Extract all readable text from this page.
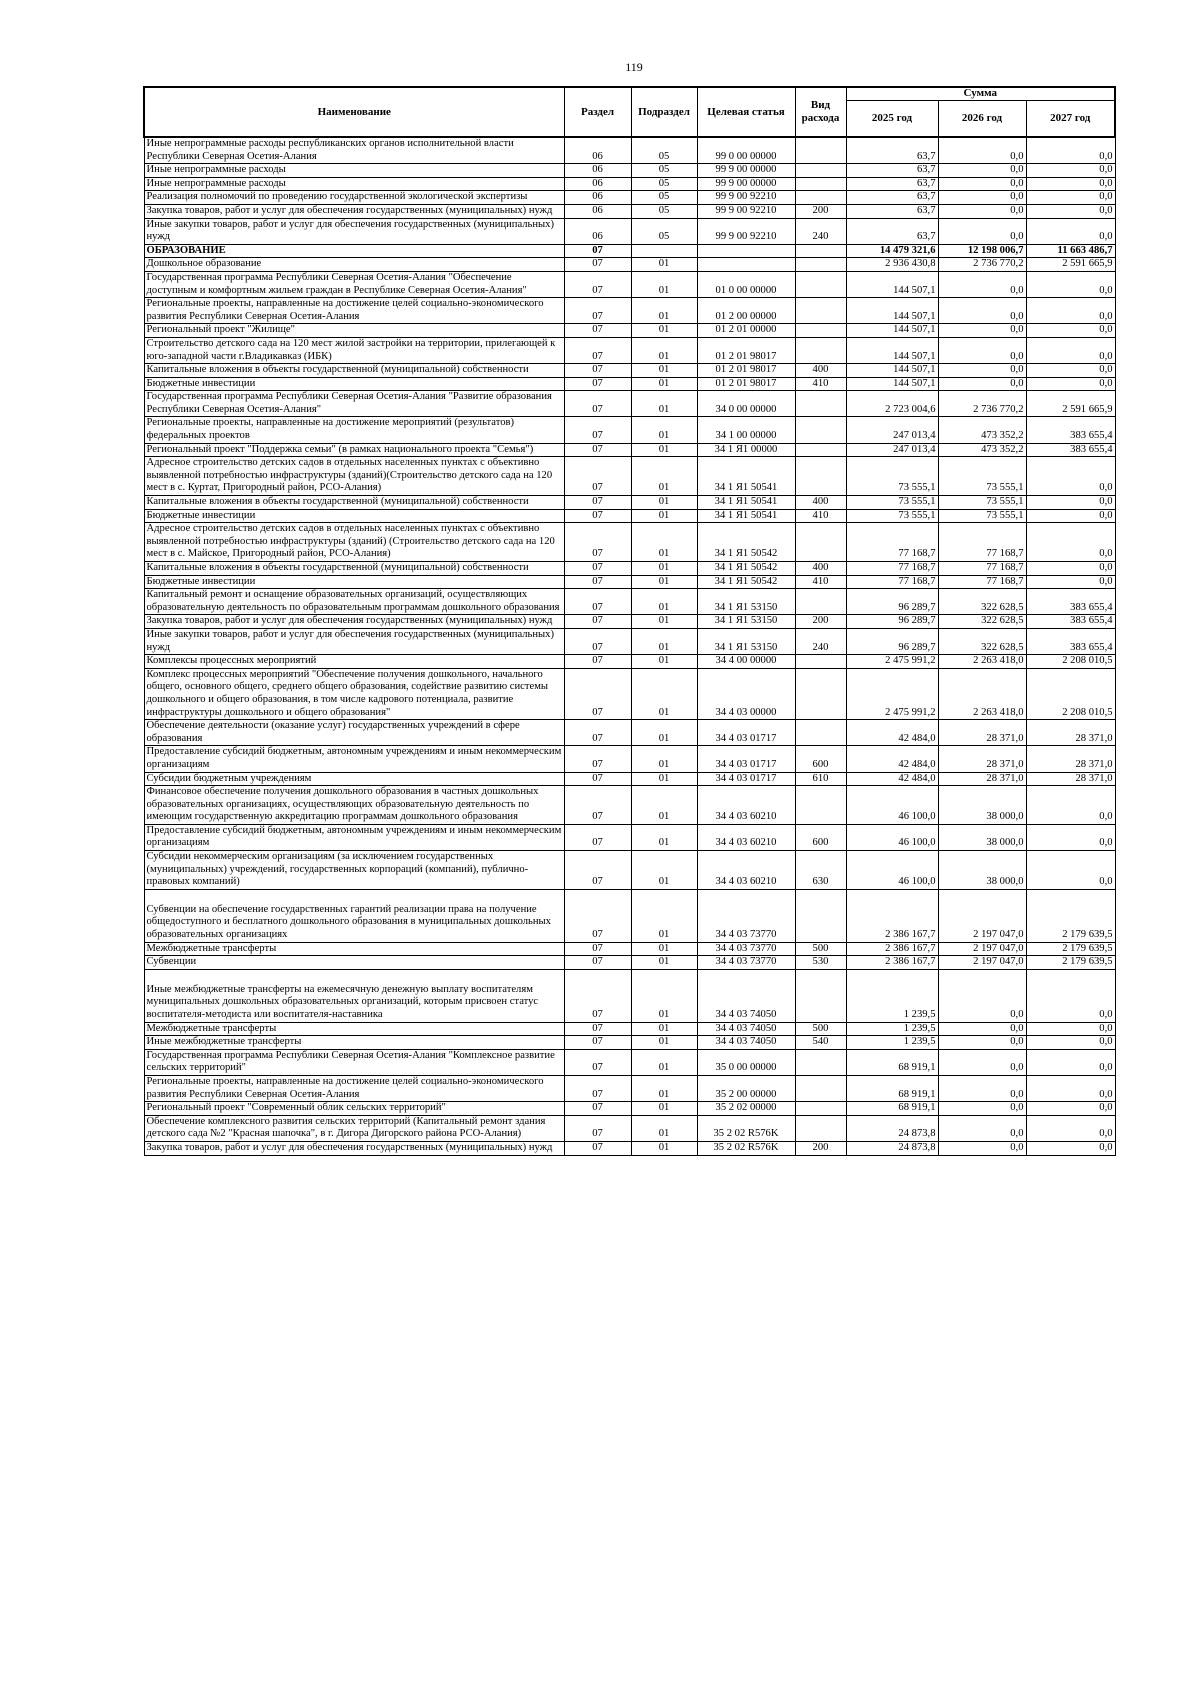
119
Наименование	Раздел	Подраздел	Целевая статья	Вид расхода	Сумма		
					2025 год	2026 год	2027 год
Иные непрограммные расходы республиканских органов исполнительной власти Республики Северная Осетия-Алания	06	05	99 0 00 00000		63,7	0,0	0,0
Иные непрограммные расходы	06	05	99 9 00 00000		63,7	0,0	0,0
Иные непрограммные расходы	06	05	99 9 00 00000		63,7	0,0	0,0
Реализация полномочий по проведению государственной экологической экспертизы	06	05	99 9 00 92210		63,7	0,0	0,0
Закупка товаров, работ и услуг для обеспечения государственных (муниципальных) нужд	06	05	99 9 00 92210	200	63,7	0,0	0,0
Иные закупки товаров, работ и услуг для обеспечения государственных (муниципальных) нужд	06	05	99 9 00 92210	240	63,7	0,0	0,0
ОБРАЗОВАНИЕ	07				14 479 321,6	12 198 006,7	11 663 486,7
Дошкольное образование	07	01			2 936 430,8	2 736 770,2	2 591 665,9
Государственная программа Республики Северная Осетия-Алания "Обеспечение доступным и комфортным жильем граждан в Республике Северная Осетия-Алания"	07	01	01 0 00 00000		144 507,1	0,0	0,0
Региональные проекты, направленные на достижение целей социально-экономического развития Республики Северная Осетия-Алания	07	01	01 2 00 00000		144 507,1	0,0	0,0
Региональный проект "Жилище"	07	01	01 2 01 00000		144 507,1	0,0	0,0
Строительство детского сада на 120 мест жилой застройки на территории, прилегающей к юго-западной части г.Владикавказ (ИБК)	07	01	01 2 01 98017		144 507,1	0,0	0,0
Капитальные вложения в объекты государственной (муниципальной) собственности	07	01	01 2 01 98017	400	144 507,1	0,0	0,0
Бюджетные инвестиции	07	01	01 2 01 98017	410	144 507,1	0,0	0,0
Государственная программа Республики Северная Осетия-Алания "Развитие образования Республики Северная Осетия-Алания"	07	01	34 0 00 00000		2 723 004,6	2 736 770,2	2 591 665,9
Региональные проекты, направленные на достижение мероприятий (результатов) федеральных проектов	07	01	34 1 00 00000		247 013,4	473 352,2	383 655,4
Региональный проект "Поддержка семьи" (в рамках национального проекта "Семья")	07	01	34 1 Я1 00000		247 013,4	473 352,2	383 655,4
Адресное строительство детских садов в отдельных населенных пунктах с объективно выявленной потребностью инфраструктуры (зданий)(Строительство детского сада на 120 мест в с. Куртат, Пригородный район, РСО-Алания)	07	01	34 1 Я1 50541		73 555,1	73 555,1	0,0
Капитальные вложения в объекты государственной (муниципальной) собственности	07	01	34 1 Я1 50541	400	73 555,1	73 555,1	0,0
Бюджетные инвестиции	07	01	34 1 Я1 50541	410	73 555,1	73 555,1	0,0
Адресное строительство детских садов в отдельных населенных пунктах с объективно выявленной потребностью инфраструктуры (зданий) (Строительство детского сада на 120 мест в с. Майское, Пригородный район, РСО-Алания)	07	01	34 1 Я1 50542		77 168,7	77 168,7	0,0
Капитальные вложения в объекты государственной (муниципальной) собственности	07	01	34 1 Я1 50542	400	77 168,7	77 168,7	0,0
Бюджетные инвестиции	07	01	34 1 Я1 50542	410	77 168,7	77 168,7	0,0
Капитальный ремонт и оснащение образовательных организаций, осуществляющих образовательную деятельность по образовательным программам дошкольного образования	07	01	34 1 Я1 53150		96 289,7	322 628,5	383 655,4
Закупка товаров, работ и услуг для обеспечения государственных (муниципальных) нужд	07	01	34 1 Я1 53150	200	96 289,7	322 628,5	383 655,4
Иные закупки товаров, работ и услуг для обеспечения государственных (муниципальных) нужд	07	01	34 1 Я1 53150	240	96 289,7	322 628,5	383 655,4
Комплексы процессных мероприятий	07	01	34 4 00 00000		2 475 991,2	2 263 418,0	2 208 010,5
Комплекс процессных мероприятий "Обеспечение получения дошкольного, начального общего, основного общего, среднего общего образования, содействие развитию системы дошкольного и общего образования, в том числе кадрового потенциала, развитие инфраструктуры дошкольного и общего образования"	07	01	34 4 03 00000		2 475 991,2	2 263 418,0	2 208 010,5
Обеспечение деятельности (оказание услуг) государственных учреждений в сфере образования	07	01	34 4 03 01717		42 484,0	28 371,0	28 371,0
Предоставление субсидий бюджетным, автономным учреждениям и иным некоммерческим организациям	07	01	34 4 03 01717	600	42 484,0	28 371,0	28 371,0
Субсидии бюджетным учреждениям	07	01	34 4 03 01717	610	42 484,0	28 371,0	28 371,0
Финансовое обеспечение получения дошкольного образования в частных дошкольных образовательных организациях, осуществляющих образовательную деятельность по имеющим государственную аккредитацию программам дошкольного образования	07	01	34 4 03 60210		46 100,0	38 000,0	0,0
Предоставление субсидий бюджетным, автономным учреждениям и иным некоммерческим организациям	07	01	34 4 03 60210	600	46 100,0	38 000,0	0,0
Субсидии некоммерческим организациям (за исключением государственных (муниципальных) учреждений, государственных корпораций (компаний), публично-правовых компаний)	07	01	34 4 03 60210	630	46 100,0	38 000,0	0,0
Субвенции на обеспечение государственных гарантий реализации права на получение общедоступного и бесплатного дошкольного образования в муниципальных дошкольных образовательных организациях	07	01	34 4 03 73770		2 386 167,7	2 197 047,0	2 179 639,5
Межбюджетные трансферты	07	01	34 4 03 73770	500	2 386 167,7	2 197 047,0	2 179 639,5
Субвенции	07	01	34 4 03 73770	530	2 386 167,7	2 197 047,0	2 179 639,5
Иные межбюджетные трансферты на ежемесячную денежную выплату воспитателям муниципальных дошкольных образовательных организаций, которым присвоен статус воспитателя-методиста или воспитателя-наставника	07	01	34 4 03 74050		1 239,5	0,0	0,0
Межбюджетные трансферты	07	01	34 4 03 74050	500	1 239,5	0,0	0,0
Иные межбюджетные трансферты	07	01	34 4 03 74050	540	1 239,5	0,0	0,0
Государственная программа Республики Северная Осетия-Алания "Комплексное развитие сельских территорий"	07	01	35 0 00 00000		68 919,1	0,0	0,0
Региональные проекты, направленные на достижение целей социально-экономического развития Республики Северная Осетия-Алания	07	01	35 2 00 00000		68 919,1	0,0	0,0
Региональный проект "Современный облик сельских территорий"	07	01	35 2 02 00000		68 919,1	0,0	0,0
Обеспечение комплексного развития сельских территорий (Капитальный ремонт здания детского сада №2 "Красная шапочка", в г. Дигора Дигорского района РСО-Алания)	07	01	35 2 02 R576K		24 873,8	0,0	0,0
Закупка товаров, работ и услуг для обеспечения государственных (муниципальных) нужд	07	01	35 2 02 R576K	200	24 873,8	0,0	0,0
